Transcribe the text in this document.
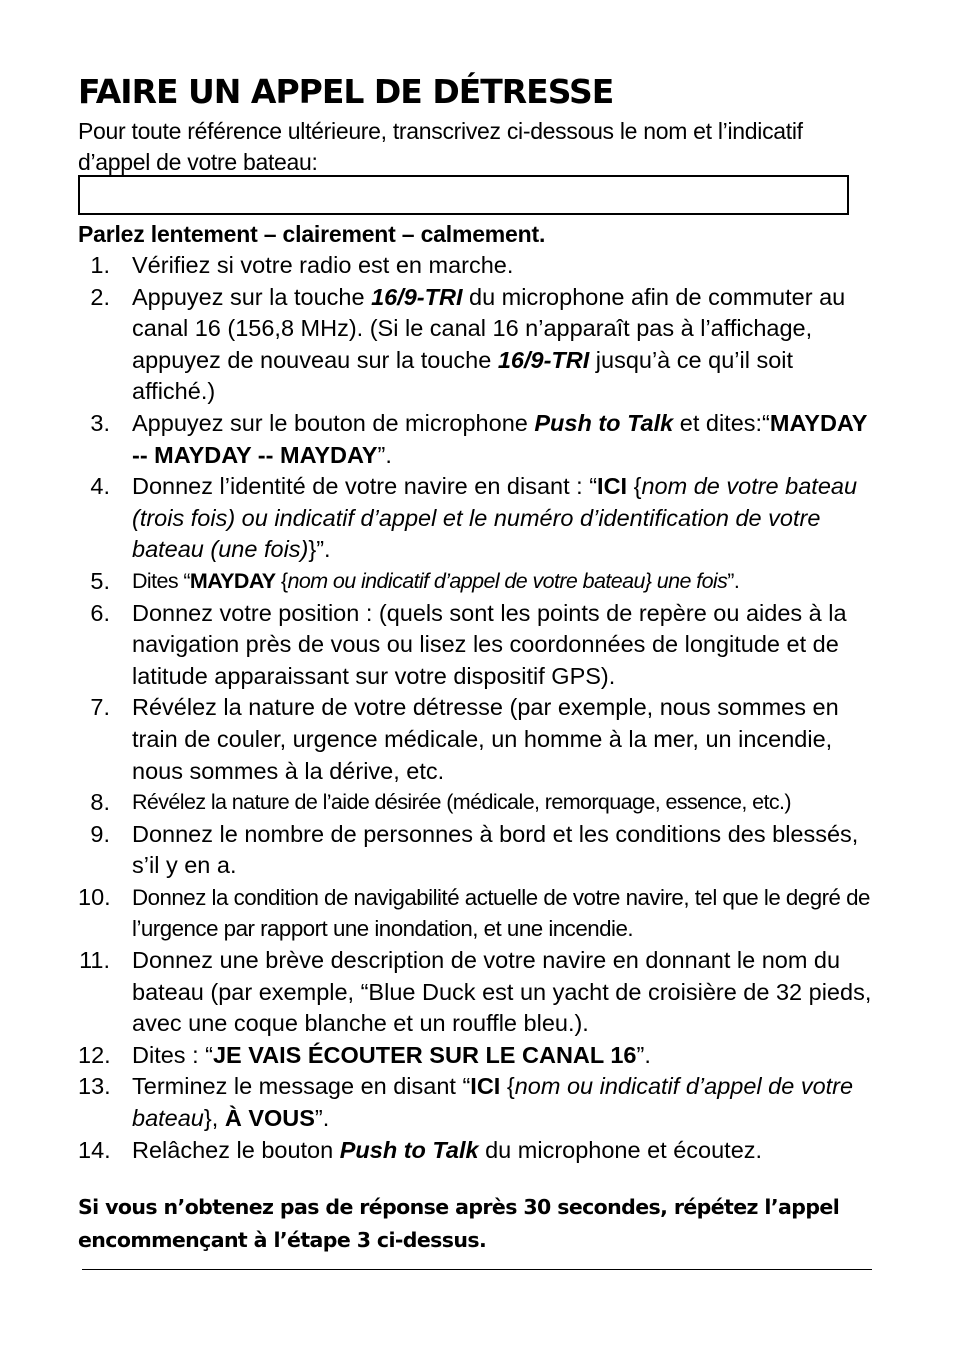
FAIRE UN APPEL DE DÉTRESSE

Pour toute référence ultérieure, transcrivez ci-dessous le nom et l’indicatif d’appel de votre bateau:

Parlez lentement – clairement – calmement.

1. Vérifiez si votre radio est en marche.
2. Appuyez sur la touche 16/9-TRI du microphone afin de commuter au canal 16 (156,8 MHz). (Si le canal 16 n’apparaît pas à l’affichage, appuyez de nouveau sur la touche 16/9-TRI jusqu’à ce qu’il soit affiché.)
3. Appuyez sur le bouton de microphone Push to Talk et dites:“MAYDAY -- MAYDAY -- MAYDAY”.
4. Donnez l’identité de votre navire en disant : “ICI {nom de votre bateau (trois fois) ou indicatif d’appel et le numéro d’identification de votre bateau (une fois)}”.
5. Dites “MAYDAY {nom ou indicatif d’appel de votre bateau} une fois”.
6. Donnez votre position : (quels sont les points de repère ou aides à la navigation près de vous ou lisez les coordonnées de longitude et de latitude apparaissant sur votre dispositif GPS).
7. Révélez la nature de votre détresse (par exemple, nous sommes en train de couler, urgence médicale, un homme à la mer, un incendie, nous sommes à la dérive, etc.
8. Révélez la nature de l’aide désirée (médicale, remorquage, essence, etc.)
9. Donnez le nombre de personnes à bord et les conditions des blessés, s’il y en a.
10. Donnez la condition de navigabilité actuelle de votre navire, tel que le degré de l’urgence par rapport une inondation, et une incendie.
11. Donnez une brève description de votre navire en donnant le nom du bateau (par exemple, “Blue Duck est un yacht de croisière de 32 pieds, avec une coque blanche et un rouffle bleu.).
12. Dites : “JE VAIS ÉCOUTER SUR LE CANAL 16”.
13. Terminez le message en disant “ICI {nom ou indicatif d’appel de votre bateau}, À VOUS”.
14. Relâchez le bouton Push to Talk du microphone et écoutez.

Si vous n’obtenez pas de réponse après 30 secondes, répétez l’appel encommençant à l’étape 3 ci-dessus.
